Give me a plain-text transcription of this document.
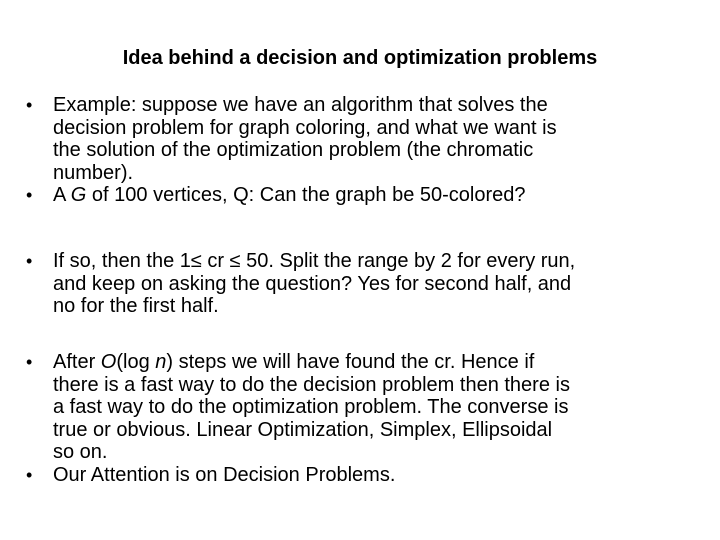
Idea behind a decision and optimization problems
• Example: suppose we have an algorithm that solves the
decision problem for graph coloring, and what we want is
the solution of the optimization problem (the chromatic
number).
• A G of 100 vertices, Q: Can the graph be 50-colored?
• If so, then the 1≤ cr ≤ 50. Split the range by 2 for every run,
and keep on asking the question? Yes for second half, and
no for the first half.
• After O(log n) steps we will have found the cr. Hence if
there is a fast way to do the decision problem then there is
a fast way to do the optimization problem. The converse is
true or obvious. Linear Optimization, Simplex, Ellipsoidal
so on.
• Our Attention is on Decision Problems.
